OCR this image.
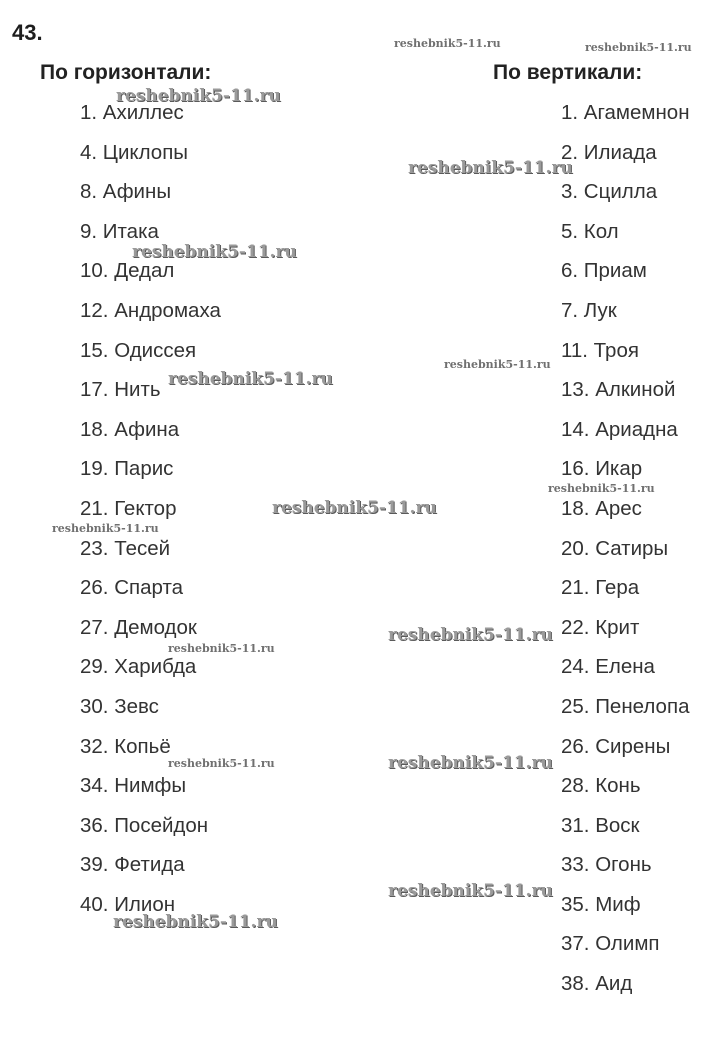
43.
По горизонтали:	По вертикали:
1. Ахиллес
4. Циклопы
8. Афины
9. Итака
10. Дедал
12. Андромаха
15. Одиссея
17. Нить
18. Афина
19. Парис
21. Гектор
23. Тесей
26. Спарта
27. Демодок
29. Харибда
30. Зевс
32. Копьё
34. Нимфы
36. Посейдон
39. Фетида
40. Илион
1. Агамемнон
2. Илиада
3. Сцилла
5. Кол
6. Приам
7. Лук
11. Троя
13. Алкиной
14. Ариадна
16. Икар
18. Арес
20. Сатиры
21. Гера
22. Крит
24. Елена
25. Пенелопа
26. Сирены
28. Конь
31. Воск
33. Огонь
35. Миф
37. Олимп
38. Аид
reshebnik5-11.ru	reshebnik5-11.ru
reshebnik5-11.ru
reshebnik5-11.ru
reshebnik5-11.ru
reshebnik5-11.ru
reshebnik5-11.ru
reshebnik5-11.ru
reshebnik5-11.ru
reshebnik5-11.ru
reshebnik5-11.ru
reshebnik5-11.ru
reshebnik5-11.ru	reshebnik5-11.ru
reshebnik5-11.ru
reshebnik5-11.ru
